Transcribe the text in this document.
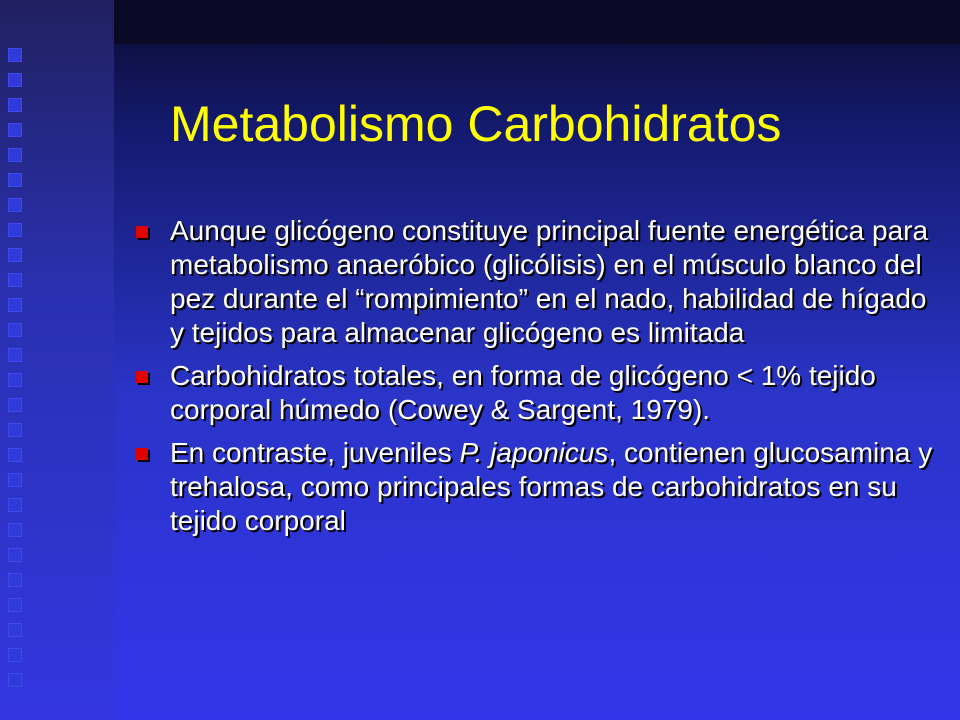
Metabolismo Carbohidratos
Aunque glicógeno constituye principal fuente energética para metabolismo anaeróbico (glicólisis) en el músculo blanco del pez durante el “rompimiento” en el nado, habilidad de hígado y tejidos para almacenar glicógeno es limitada
Carbohidratos totales, en forma de glicógeno < 1% tejido corporal húmedo (Cowey & Sargent, 1979).
En contraste, juveniles P. japonicus, contienen glucosamina y trehalosa, como principales formas de carbohidratos en su tejido corporal
